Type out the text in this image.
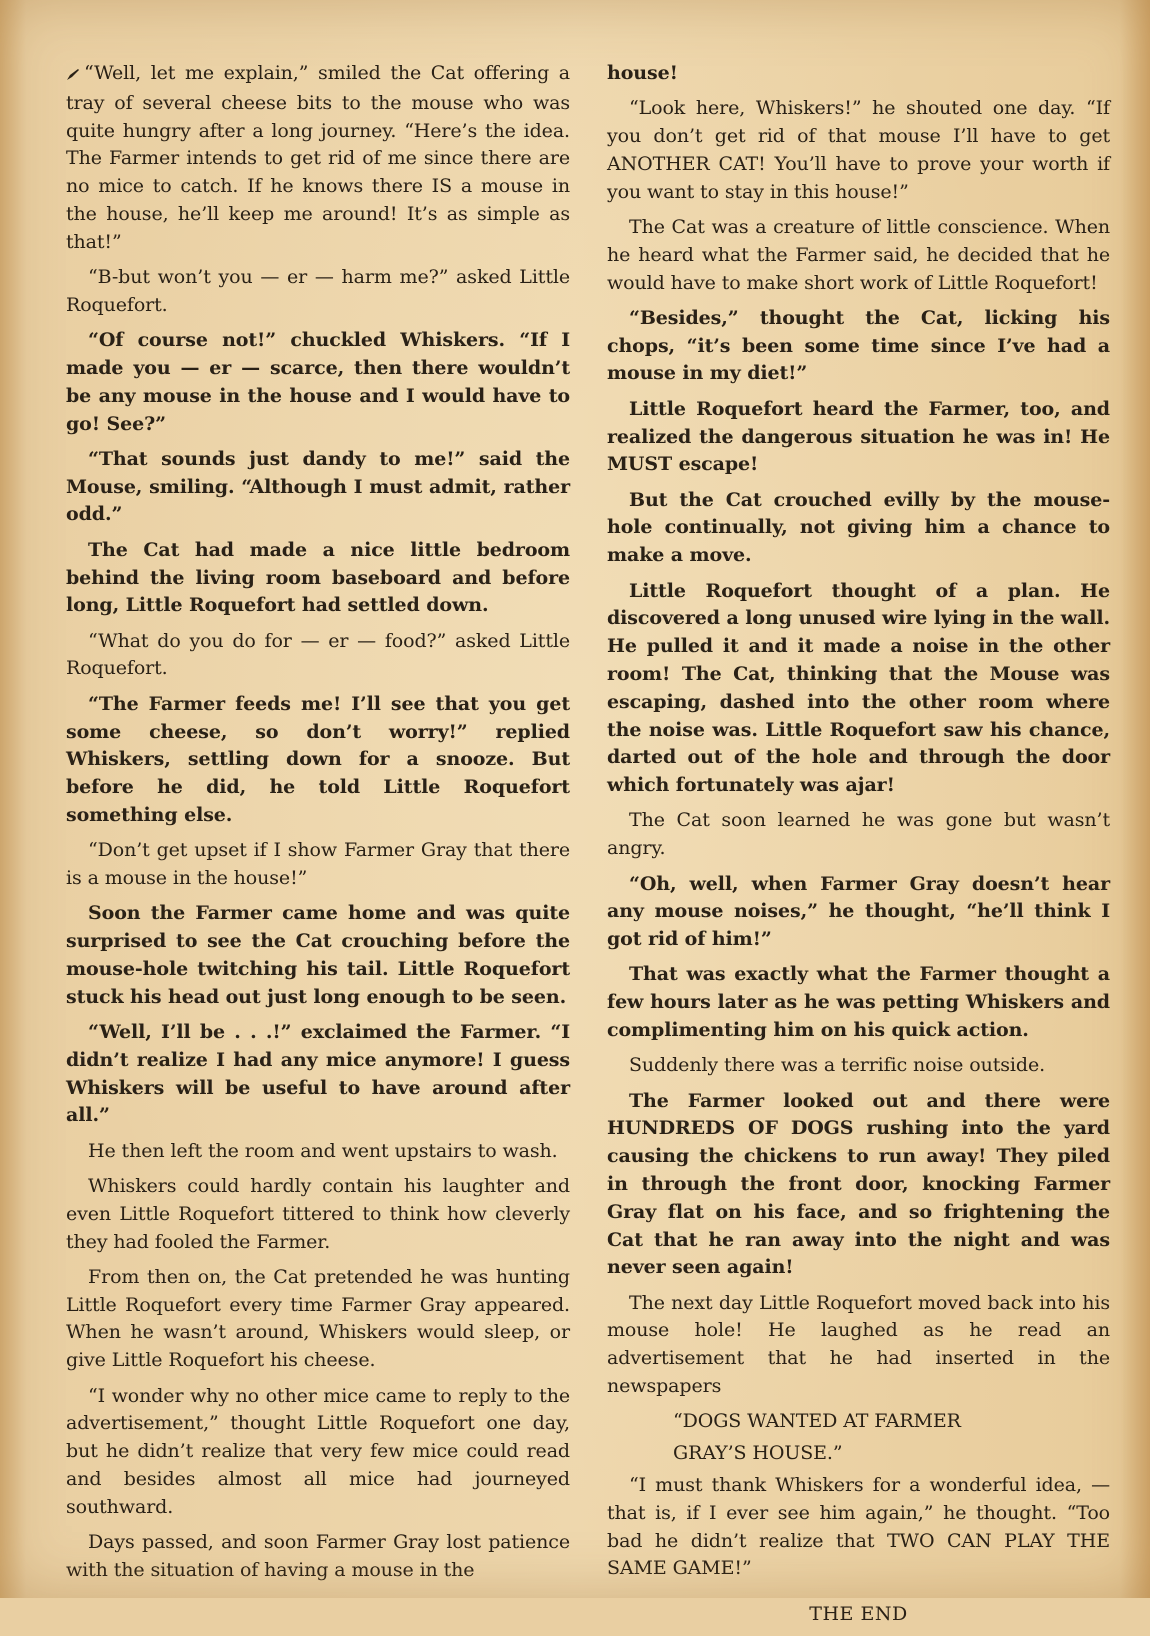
“Well, let me explain,” smiled the Cat offering a tray of several cheese bits to the mouse who was quite hungry after a long journey. “Here’s the idea. The Farmer intends to get rid of me since there are no mice to catch. If he knows there IS a mouse in the house, he’ll keep me around! It’s as simple as that!”

“B-but won’t you — er — harm me?” asked Little Roquefort.

“Of course not!” chuckled Whiskers. “If I made you — er — scarce, then there wouldn’t be any mouse in the house and I would have to go! See?”

“That sounds just dandy to me!” said the Mouse, smiling. “Although I must admit, rather odd.”

The Cat had made a nice little bedroom behind the living room baseboard and before long, Little Roquefort had settled down.

“What do you do for — er — food?” asked Little Roquefort.

“The Farmer feeds me! I’ll see that you get some cheese, so don’t worry!” replied Whiskers, settling down for a snooze. But before he did, he told Little Roquefort something else.

“Don’t get upset if I show Farmer Gray that there is a mouse in the house!”

Soon the Farmer came home and was quite surprised to see the Cat crouching before the mouse-hole twitching his tail. Little Roquefort stuck his head out just long enough to be seen.

“Well, I’ll be . . .!” exclaimed the Farmer. “I didn’t realize I had any mice anymore! I guess Whiskers will be useful to have around after all.”

He then left the room and went upstairs to wash.

Whiskers could hardly contain his laughter and even Little Roquefort tittered to think how cleverly they had fooled the Farmer.

From then on, the Cat pretended he was hunting Little Roquefort every time Farmer Gray appeared. When he wasn’t around, Whiskers would sleep, or give Little Roquefort his cheese.

“I wonder why no other mice came to reply to the advertisement,” thought Little Roquefort one day, but he didn’t realize that very few mice could read and besides almost all mice had journeyed southward.

Days passed, and soon Farmer Gray lost patience with the situation of having a mouse in the

house!

“Look here, Whiskers!” he shouted one day. “If you don’t get rid of that mouse I’ll have to get ANOTHER CAT! You’ll have to prove your worth if you want to stay in this house!”

The Cat was a creature of little conscience. When he heard what the Farmer said, he decided that he would have to make short work of Little Roquefort!

“Besides,” thought the Cat, licking his chops, “it’s been some time since I’ve had a mouse in my diet!”

Little Roquefort heard the Farmer, too, and realized the dangerous situation he was in! He MUST escape!

But the Cat crouched evilly by the mouse-hole continually, not giving him a chance to make a move.

Little Roquefort thought of a plan. He discovered a long unused wire lying in the wall. He pulled it and it made a noise in the other room! The Cat, thinking that the Mouse was escaping, dashed into the other room where the noise was. Little Roquefort saw his chance, darted out of the hole and through the door which fortunately was ajar!

The Cat soon learned he was gone but wasn’t angry.

“Oh, well, when Farmer Gray doesn’t hear any mouse noises,” he thought, “he’ll think I got rid of him!”

That was exactly what the Farmer thought a few hours later as he was petting Whiskers and complimenting him on his quick action.

Suddenly there was a terrific noise outside.

The Farmer looked out and there were HUNDREDS OF DOGS rushing into the yard causing the chickens to run away! They piled in through the front door, knocking Farmer Gray flat on his face, and so frightening the Cat that he ran away into the night and was never seen again!

The next day Little Roquefort moved back into his mouse hole! He laughed as he read an advertisement that he had inserted in the newspapers

“DOGS WANTED AT FARMER

GRAY’S HOUSE.”

“I must thank Whiskers for a wonderful idea, — that is, if I ever see him again,” he thought. “Too bad he didn’t realize that TWO CAN PLAY THE SAME GAME!”

THE END
